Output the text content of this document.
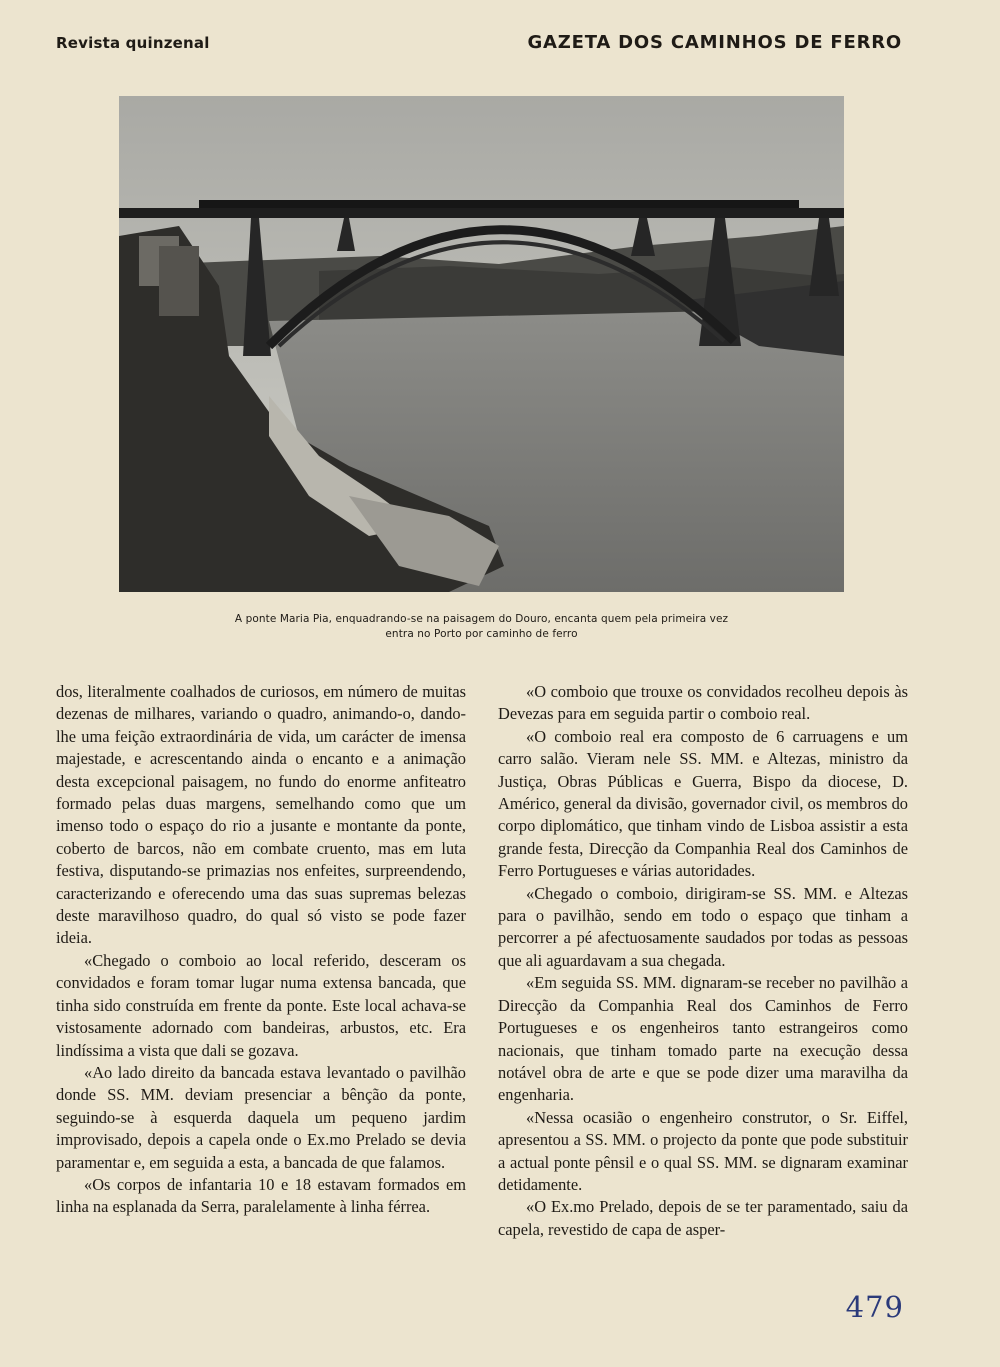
Revista quinzenal	GAZETA DOS CAMINHOS DE FERRO
A ponte Maria Pia, enquadrando-se na paisagem do Douro, encanta quem pela primeira vez
entra no Porto por caminho de ferro

dos, literalmente coalhados de curiosos, em número de muitas dezenas de milhares, variando o quadro, animando-o, dando-lhe uma feição extraordinária de vida, um carácter de imensa majestade, e acrescentando ainda o encanto e a animação desta excepcional paisagem, no fundo do enorme anfiteatro formado pelas duas margens, semelhando como que um imenso todo o espaço do rio a jusante e montante da ponte, coberto de barcos, não em combate cruento, mas em luta festiva, disputando-se primazias nos enfeites, surpreendendo, caracterizando e oferecendo uma das suas supremas belezas deste maravilhoso quadro, do qual só visto se pode fazer ideia.

«Chegado o comboio ao local referido, desceram os convidados e foram tomar lugar numa extensa bancada, que tinha sido construída em frente da ponte. Este local achava-se vistosamente adornado com bandeiras, arbustos, etc. Era lindíssima a vista que dali se gozava.

«Ao lado direito da bancada estava levantado o pavilhão donde SS. MM. deviam presenciar a bênção da ponte, seguindo-se à esquerda daquela um pequeno jardim improvisado, depois a capela onde o Ex.mo Prelado se devia paramentar e, em seguida a esta, a bancada de que falamos.

«Os corpos de infantaria 10 e 18 estavam formados em linha na esplanada da Serra, paralelamente à linha férrea.

«O comboio que trouxe os convidados recolheu depois às Devezas para em seguida partir o comboio real.

«O comboio real era composto de 6 carruagens e um carro salão. Vieram nele SS. MM. e Altezas, ministro da Justiça, Obras Públicas e Guerra, Bispo da diocese, D. Américo, general da divisão, governador civil, os membros do corpo diplomático, que tinham vindo de Lisboa assistir a esta grande festa, Direcção da Companhia Real dos Caminhos de Ferro Portugueses e várias autoridades.

«Chegado o comboio, dirigiram-se SS. MM. e Altezas para o pavilhão, sendo em todo o espaço que tinham a percorrer a pé afectuosamente saudados por todas as pessoas que ali aguardavam a sua chegada.

«Em seguida SS. MM. dignaram-se receber no pavilhão a Direcção da Companhia Real dos Caminhos de Ferro Portugueses e os engenheiros tanto estrangeiros como nacionais, que tinham tomado parte na execução dessa notável obra de arte e que se pode dizer uma maravilha da engenharia.

«Nessa ocasião o engenheiro construtor, o Sr. Eiffel, apresentou a SS. MM. o projecto da ponte que pode substituir a actual ponte pênsil e o qual SS. MM. se dignaram examinar detidamente.

«O Ex.mo Prelado, depois de se ter paramentado, saiu da capela, revestido de capa de asper-

479
